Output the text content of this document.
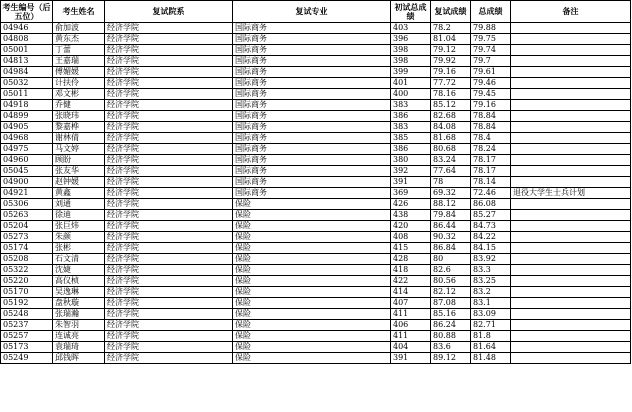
考生编号（后五位）	考生姓名	复试院系	复试专业	初试总成绩	复试成绩	总成绩	备注
04946	俞加波	经济学院	国际商务	403	78.2	79.88	
04808	黄东杰	经济学院	国际商务	396	81.04	79.75	
05001	丁蕾	经济学院	国际商务	398	79.12	79.74	
04813	王嘉瑞	经济学院	国际商务	398	79.92	79.7	
04984	傅媚媛	经济学院	国际商务	399	79.16	79.61	
05032	计扶伶	经济学院	国际商务	401	77.72	79.46	
05011	邓文彬	经济学院	国际商务	400	78.16	79.45	
04918	乔健	经济学院	国际商务	383	85.12	79.16	
04899	张晓玮	经济学院	国际商务	386	82.68	78.84	
04905	黎嘉桦	经济学院	国际商务	383	84.08	78.84	
04968	谢林倩	经济学院	国际商务	385	81.68	78.4	
04975	马文婷	经济学院	国际商务	386	80.68	78.24	
04960	顾盼	经济学院	国际商务	380	83.24	78.17	
05045	张友华	经济学院	国际商务	392	77.64	78.17	
04900	赵钟媛	经济学院	国际商务	391	78	78.14	
04921	黄鑫	经济学院	国际商务	369	69.32	72.46	退役大学生士兵计划
05306	刘通	经济学院	保险	426	88.12	86.08	
05263	徐迪	经济学院	保险	438	79.84	85.27	
05204	张巨炜	经济学院	保险	420	86.44	84.73	
05273	朱颜	经济学院	保险	408	90.32	84.22	
05174	张彬	经济学院	保险	415	86.84	84.15	
05208	石文清	经济学院	保险	428	80	83.92	
05322	沈婕	经济学院	保险	418	82.6	83.3	
05220	高仪桢	经济学院	保险	422	80.56	83.25	
05170	吴逸琳	经济学院	保险	414	82.12	83.2	
05192	盘秋璇	经济学院	保险	407	87.08	83.1	
05248	张瑞瀚	经济学院	保险	411	85.16	83.09	
05237	朱智羽	经济学院	保险	406	86.24	82.71	
05257	连诚亮	经济学院	保险	411	80.88	81.8	
05173	袁瑞琦	经济学院	保险	404	83.6	81.64	
05249	邱钱晖	经济学院	保险	391	89.12	81.48	
